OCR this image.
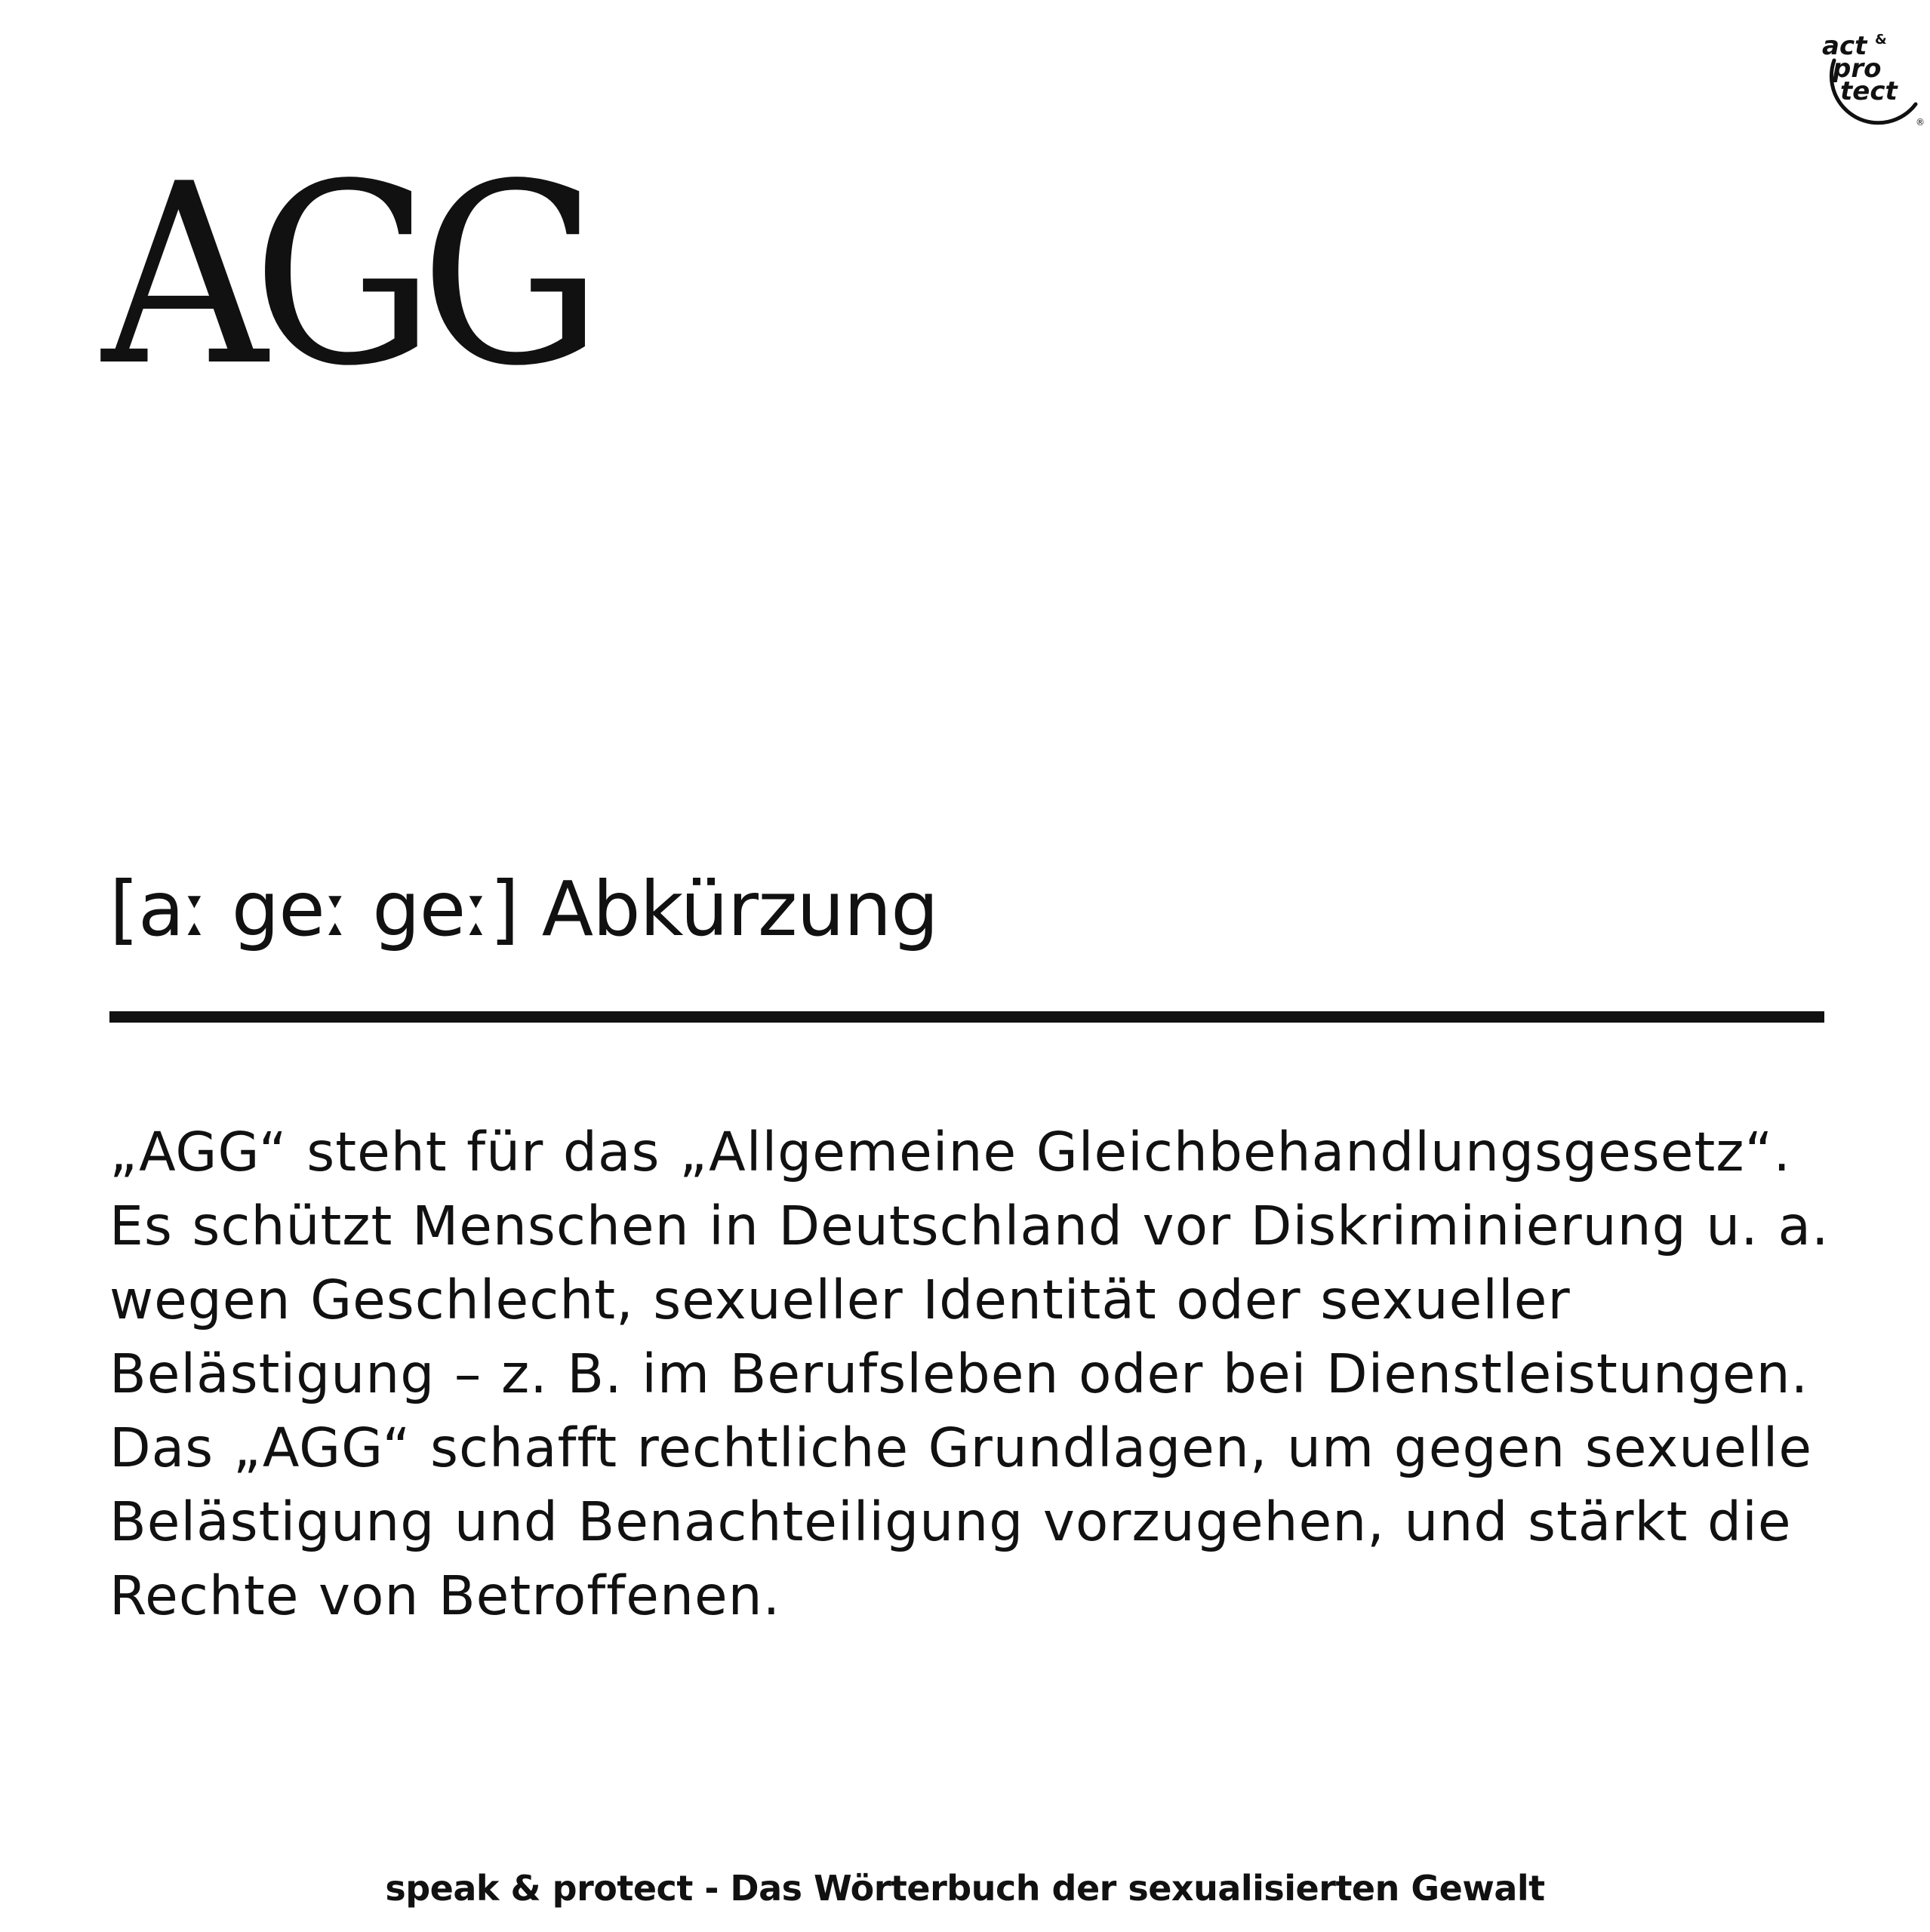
act &
pro
tect
®
AGG

[aː geː geː] Abkürzung

„AGG“ steht für das „Allgemeine Gleichbehandlungsgesetz“. Es schützt Menschen in Deutschland vor Diskriminierung u. a. wegen Geschlecht, sexueller Identität oder sexueller Belästigung – z. B. im Berufsleben oder bei Dienstleistungen. Das „AGG“ schafft rechtliche Grundlagen, um gegen sexuelle Belästigung und Benachteiligung vorzugehen, und stärkt die Rechte von Betroffenen.

speak & protect - Das Wörterbuch der sexualisierten Gewalt
